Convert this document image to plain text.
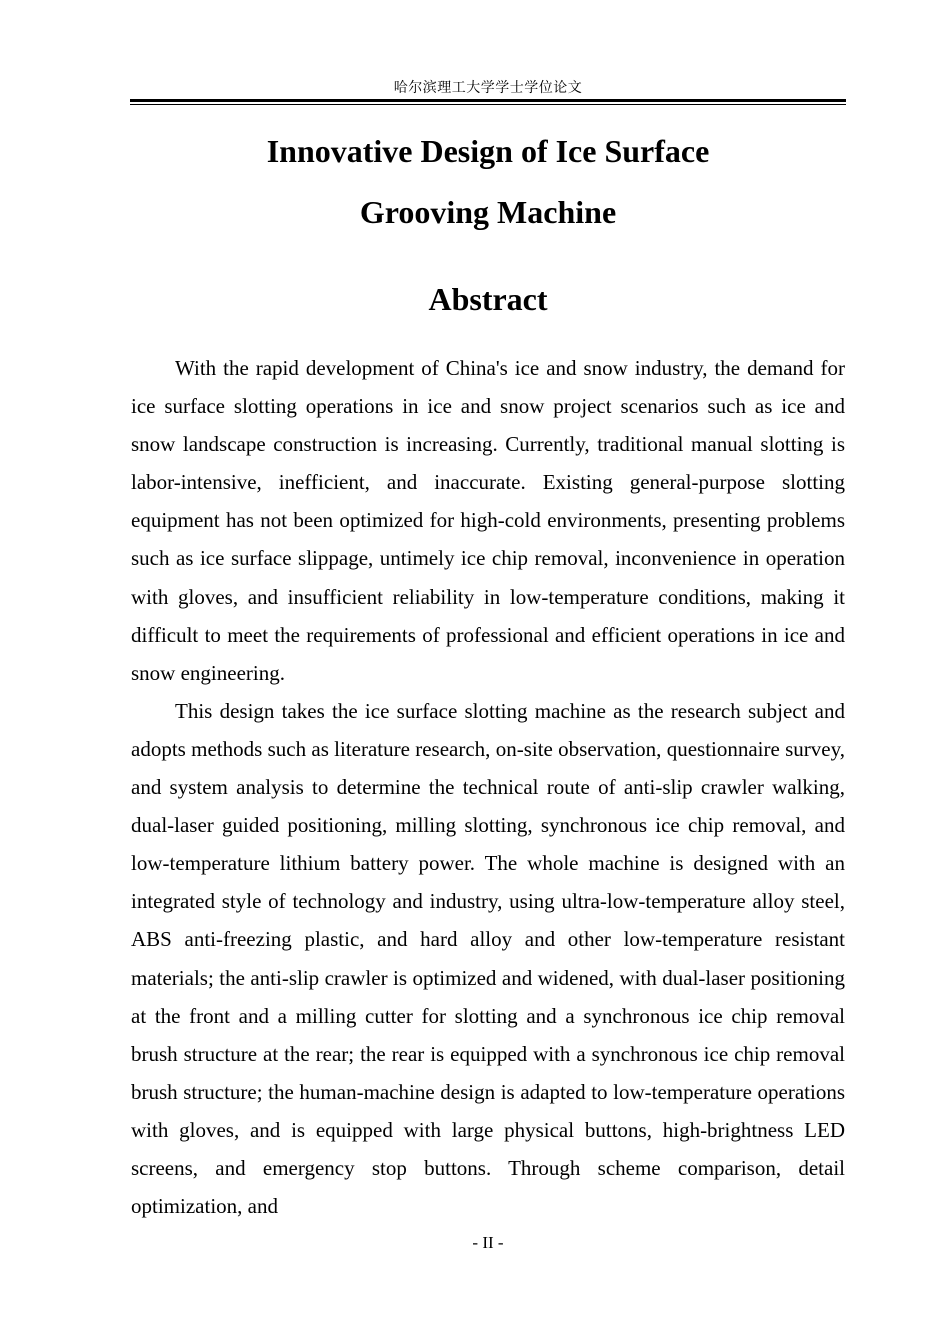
哈尔滨理工大学学士学位论文
Innovative Design of Ice Surface
Grooving Machine
Abstract

With the rapid development of China's ice and snow industry, the demand for ice surface slotting operations in ice and snow project scenarios such as ice and snow landscape construction is increasing. Currently, traditional manual slotting is labor-intensive, inefficient, and inaccurate. Existing general-purpose slotting equipment has not been optimized for high-cold environments, presenting problems such as ice surface slippage, untimely ice chip removal, inconvenience in operation with gloves, and insufficient reliability in low-temperature conditions, making it difficult to meet the requirements of professional and efficient operations in ice and snow engineering.

This design takes the ice surface slotting machine as the research subject and adopts methods such as literature research, on-site observation, questionnaire survey, and system analysis to determine the technical route of anti-slip crawler walking, dual-laser guided positioning, milling slotting, synchronous ice chip removal, and low-temperature lithium battery power. The whole machine is designed with an integrated style of technology and industry, using ultra-low-temperature alloy steel, ABS anti-freezing plastic, and hard alloy and other low-temperature resistant materials; the anti-slip crawler is optimized and widened, with dual-laser positioning at the front and a milling cutter for slotting and a synchronous ice chip removal brush structure at the rear; the rear is equipped with a synchronous ice chip removal brush structure; the human-machine design is adapted to low-temperature operations with gloves, and is equipped with large physical buttons, high-brightness LED screens, and emergency stop buttons. Through scheme comparison, detail optimization, and

- II -
